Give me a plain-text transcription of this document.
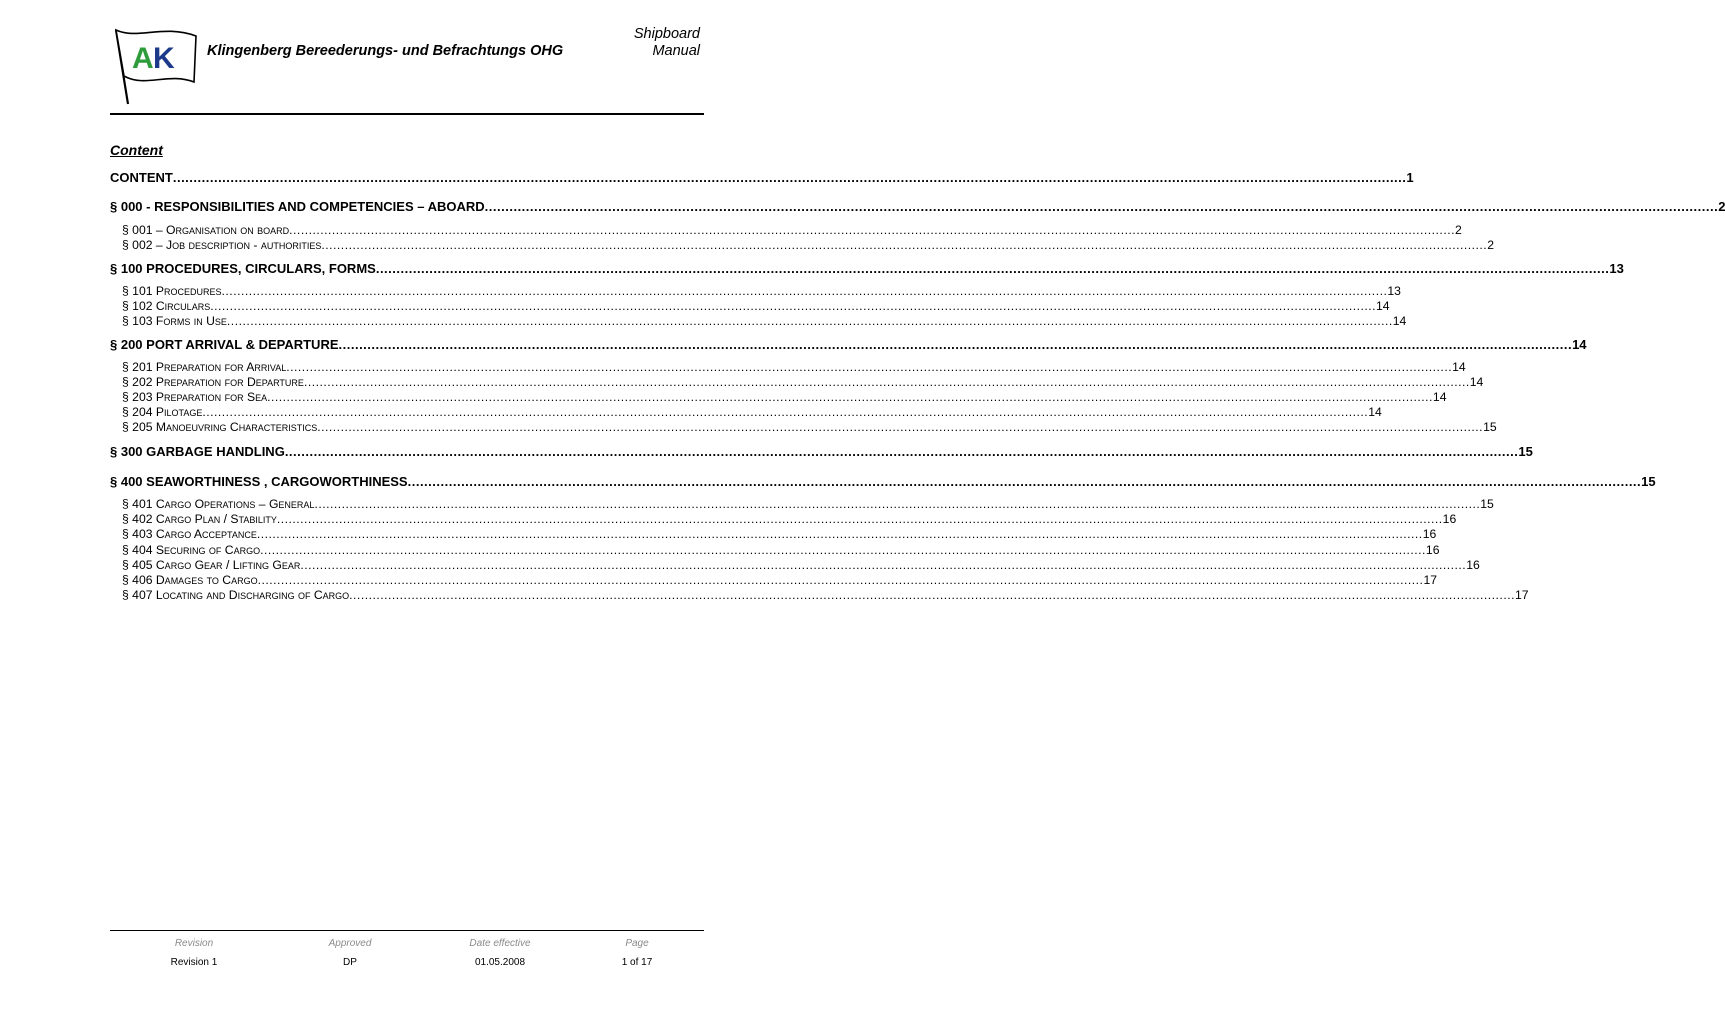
A K Klingenberg Bereederungs- und Befrachtungs OHG
Shipboard
Manual
Content
CONTENT ............................................................................................................................................................................................................................................................................................................ 1
§ 000 - RESPONSIBILITIES AND COMPETENCIES – ABOARD ............................................................................................................................................................................................................................................................................................................ 2
§ 001 – Organisation on board ............................................................................................................................................................................................................................................................................................................ 2
§ 002 – Job description - authorities ............................................................................................................................................................................................................................................................................................................ 2
§ 100 PROCEDURES, CIRCULARS, FORMS ............................................................................................................................................................................................................................................................................................................ 13
§ 101 Procedures ............................................................................................................................................................................................................................................................................................................ 13
§ 102 Circulars ............................................................................................................................................................................................................................................................................................................ 14
§ 103 Forms in Use ............................................................................................................................................................................................................................................................................................................ 14
§ 200 PORT ARRIVAL & DEPARTURE ............................................................................................................................................................................................................................................................................................................ 14
§ 201 Preparation for Arrival ............................................................................................................................................................................................................................................................................................................ 14
§ 202 Preparation for Departure ............................................................................................................................................................................................................................................................................................................ 14
§ 203 Preparation for Sea ............................................................................................................................................................................................................................................................................................................ 14
§ 204 Pilotage ............................................................................................................................................................................................................................................................................................................ 14
§ 205 Manoeuvring Characteristics ............................................................................................................................................................................................................................................................................................................ 15
§ 300 GARBAGE HANDLING ............................................................................................................................................................................................................................................................................................................ 15
§ 400 SEAWORTHINESS , CARGOWORTHINESS ............................................................................................................................................................................................................................................................................................................ 15
§ 401 Cargo Operations – General ............................................................................................................................................................................................................................................................................................................ 15
§ 402 Cargo Plan / Stability ............................................................................................................................................................................................................................................................................................................ 16
§ 403 Cargo Acceptance ............................................................................................................................................................................................................................................................................................................ 16
§ 404 Securing of Cargo ............................................................................................................................................................................................................................................................................................................ 16
§ 405 Cargo Gear / Lifting Gear ............................................................................................................................................................................................................................................................................................................ 16
§ 406 Damages to Cargo ............................................................................................................................................................................................................................................................................................................ 17
§ 407 Locating and Discharging of Cargo ............................................................................................................................................................................................................................................................................................................ 17
Revision	Approved	Date effective	Page
Revision 1	DP	01.05.2008	1 of 17
